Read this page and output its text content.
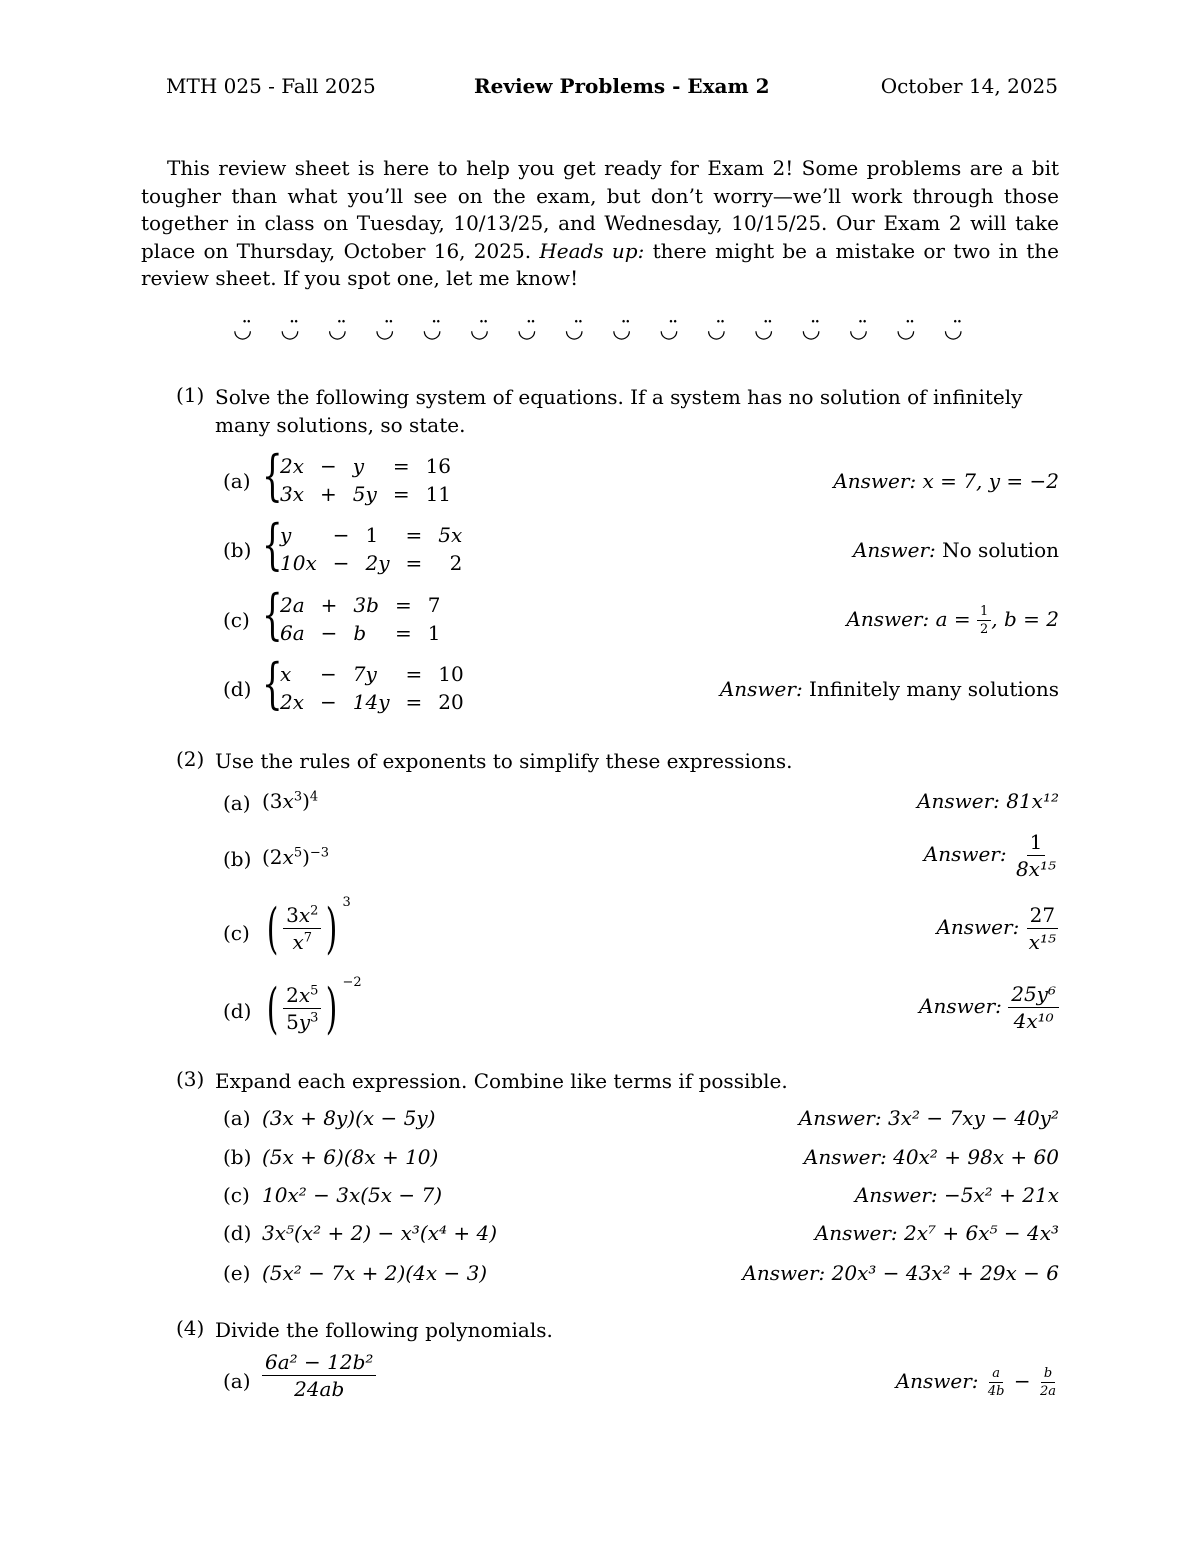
MTH 025 - Fall 2025	Review Problems - Exam 2	October 14, 2025
This review sheet is here to help you get ready for Exam 2! Some problems are a bit tougher than what you’ll see on the exam, but don’t worry—we’ll work through those together in class on Tuesday, 10/13/25, and Wednesday, 10/15/25. Our Exam 2 will take place on Thursday, October 16, 2025. Heads up: there might be a mistake or two in the review sheet. If you spot one, let me know!
◡̈ ◡̈ ◡̈ ◡̈ ◡̈ ◡̈ ◡̈ ◡̈ ◡̈ ◡̈ ◡̈ ◡̈ ◡̈ ◡̈ ◡̈ ◡̈
(1) Solve the following system of equations. If a system has no solution of infinitely many solutions, so state.
(a) {
2x	−	y	=	16
3x	+	5y	=	11
Answer: x = 7, y = −2
(b) {
y	−	1	=	5x
10x	−	2y	=	2
Answer: No solution
(c) {
2a	+	3b	=	7
6a	−	b	=	1
Answer: $a = \frac{1}{2}$ , b = 2
(d) {
x	−	7y	=	10
2x	−	14y	=	20
Answer: Infinitely many solutions
(2) Use the rules of exponents to simplify these expressions.
(a) $(3x^3)^4$	Answer: 81x¹²
(b) $(2x^5)^{-3}$	Answer: $\frac{1}{\text{8x¹⁵}}$
(c) ( $\frac{3x^2}{x^7}$ ) $^3$
Answer: $\frac{27}{\text{x¹⁵}}$
(d) ( $\frac{2x^5}{5y^3}$ ) $^{-2}$
Answer: $\frac{\text{25y⁶}}{\text{4x¹⁰}}$
(3) Expand each expression. Combine like terms if possible.
(a) (3x + 8y)(x − 5y)	Answer: 3x² − 7xy − 40y²
(b) (5x + 6)(8x + 10)	Answer: 40x² + 98x + 60
(c) 10x² − 3x(5x − 7)	Answer: −5x² + 21x
(d) 3x⁵(x² + 2) − x³(x⁴ + 4)	Answer: 2x⁷ + 6x⁵ − 4x³
(e) (5x² − 7x + 2)(4x − 3)	Answer: 20x³ − 43x² + 29x − 6
(4) Divide the following polynomials.
$(a) \frac{\text{6a² − 12b²}}{24ab}$	Answer: $\frac{a}{4b} - \frac{b}{2a}$
